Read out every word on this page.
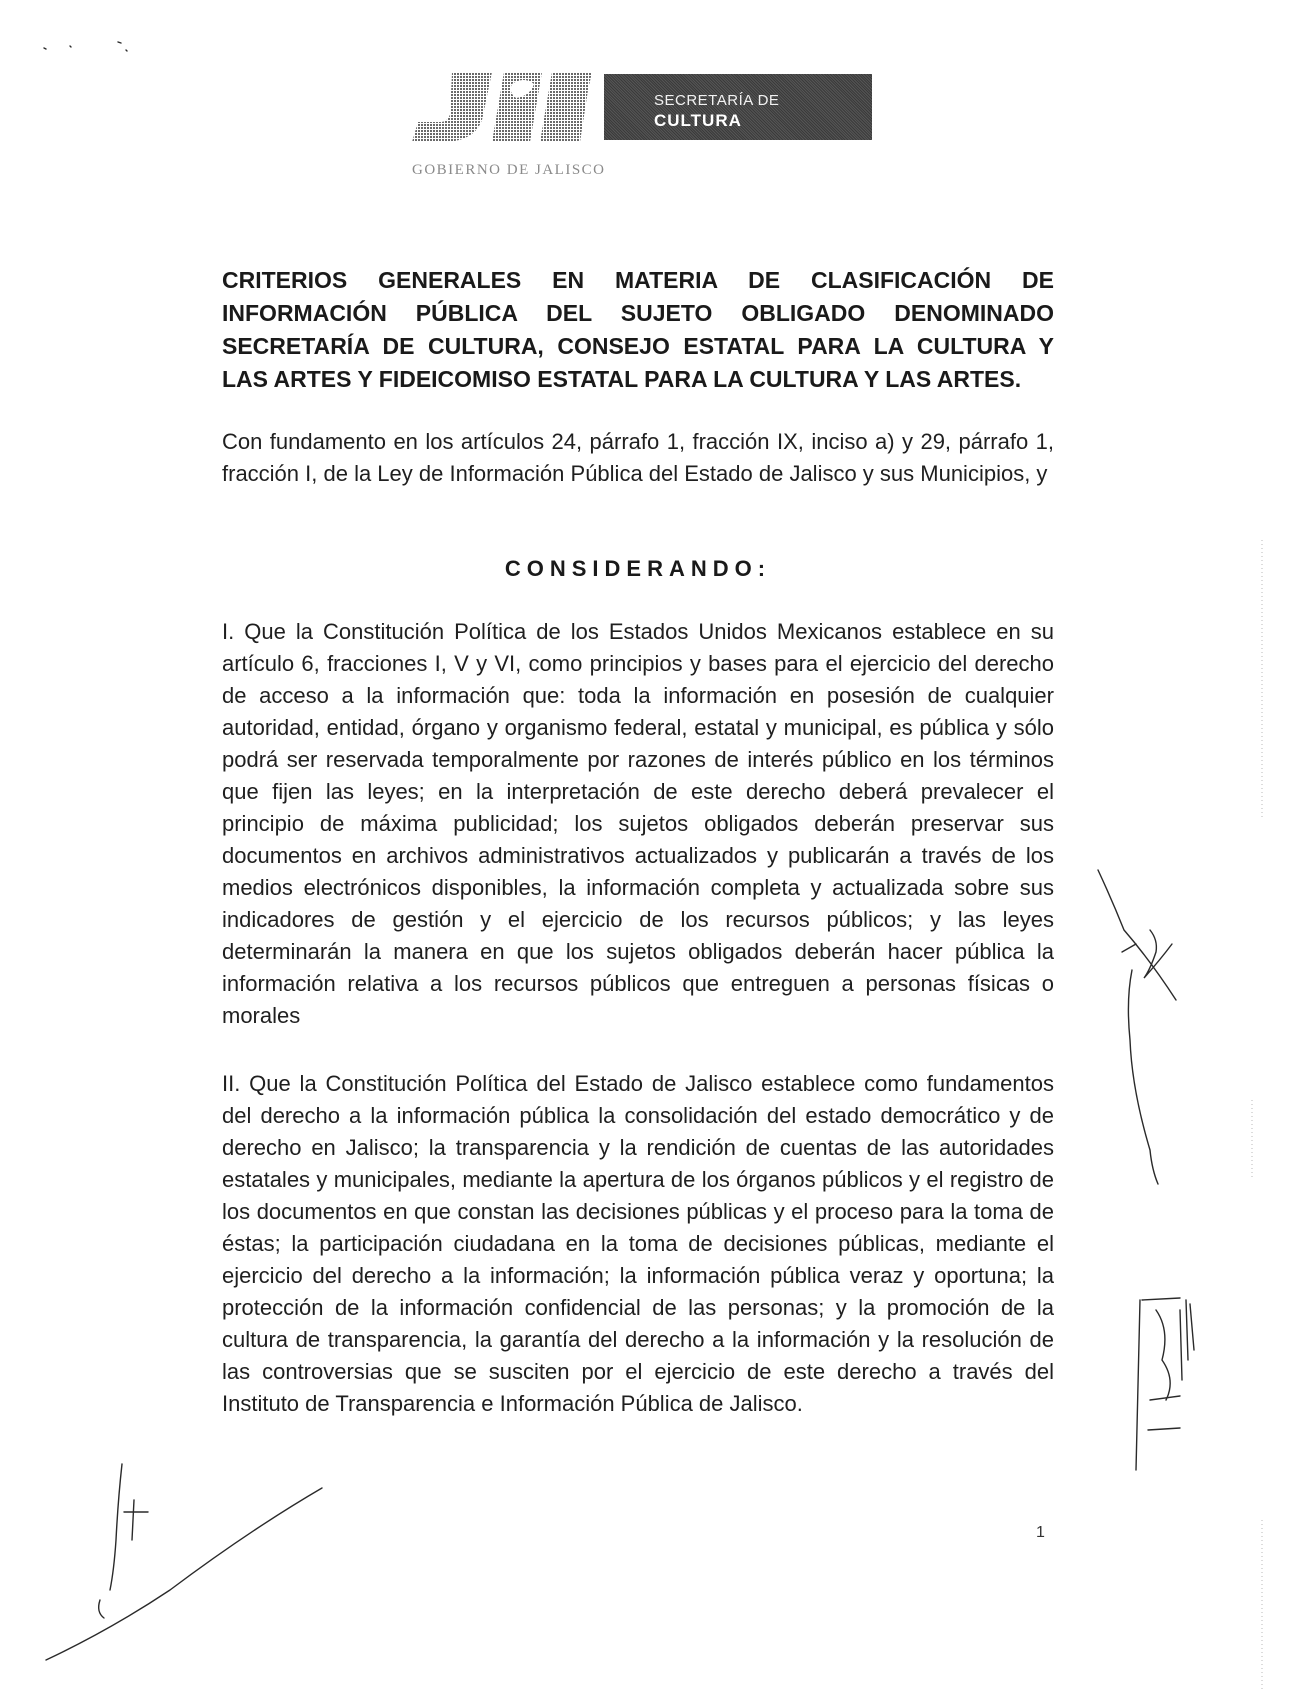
SECRETARÍA DE
CULTURA
GOBIERNO DE JALISCO
CRITERIOS GENERALES EN MATERIA DE CLASIFICACIÓN DE
INFORMACIÓN PÚBLICA DEL SUJETO OBLIGADO DENOMINADO
SECRETARÍA DE CULTURA, CONSEJO ESTATAL PARA LA CULTURA Y
LAS ARTES Y FIDEICOMISO ESTATAL PARA LA CULTURA Y LAS ARTES.

Con fundamento en los artículos 24, párrafo 1, fracción IX, inciso a) y 29, párrafo 1, fracción I, de la Ley de Información Pública del Estado de Jalisco y sus Municipios, y

CONSIDERANDO:

I. Que la Constitución Política de los Estados Unidos Mexicanos establece en su artículo 6, fracciones I, V y VI, como principios y bases para el ejercicio del derecho de acceso a la información que: toda la información en posesión de cualquier autoridad, entidad, órgano y organismo federal, estatal y municipal, es pública y sólo podrá ser reservada temporalmente por razones de interés público en los términos que fijen las leyes; en la interpretación de este derecho deberá prevalecer el principio de máxima publicidad; los sujetos obligados deberán preservar sus documentos en archivos administrativos actualizados y publicarán a través de los medios electrónicos disponibles, la información completa y actualizada sobre sus indicadores de gestión y el ejercicio de los recursos públicos; y las leyes determinarán la manera en que los sujetos obligados deberán hacer pública la información relativa a los recursos públicos que entreguen a personas físicas o morales

II. Que la Constitución Política del Estado de Jalisco establece como fundamentos del derecho a la información pública la consolidación del estado democrático y de derecho en Jalisco; la transparencia y la rendición de cuentas de las autoridades estatales y municipales, mediante la apertura de los órganos públicos y el registro de los documentos en que constan las decisiones públicas y el proceso para la toma de éstas; la participación ciudadana en la toma de decisiones públicas, mediante el ejercicio del derecho a la información; la información pública veraz y oportuna; la protección de la información confidencial de las personas; y la promoción de la cultura de transparencia, la garantía del derecho a la información y la resolución de las controversias que se susciten por el ejercicio de este derecho a través del Instituto de Transparencia e Información Pública de Jalisco.

1
